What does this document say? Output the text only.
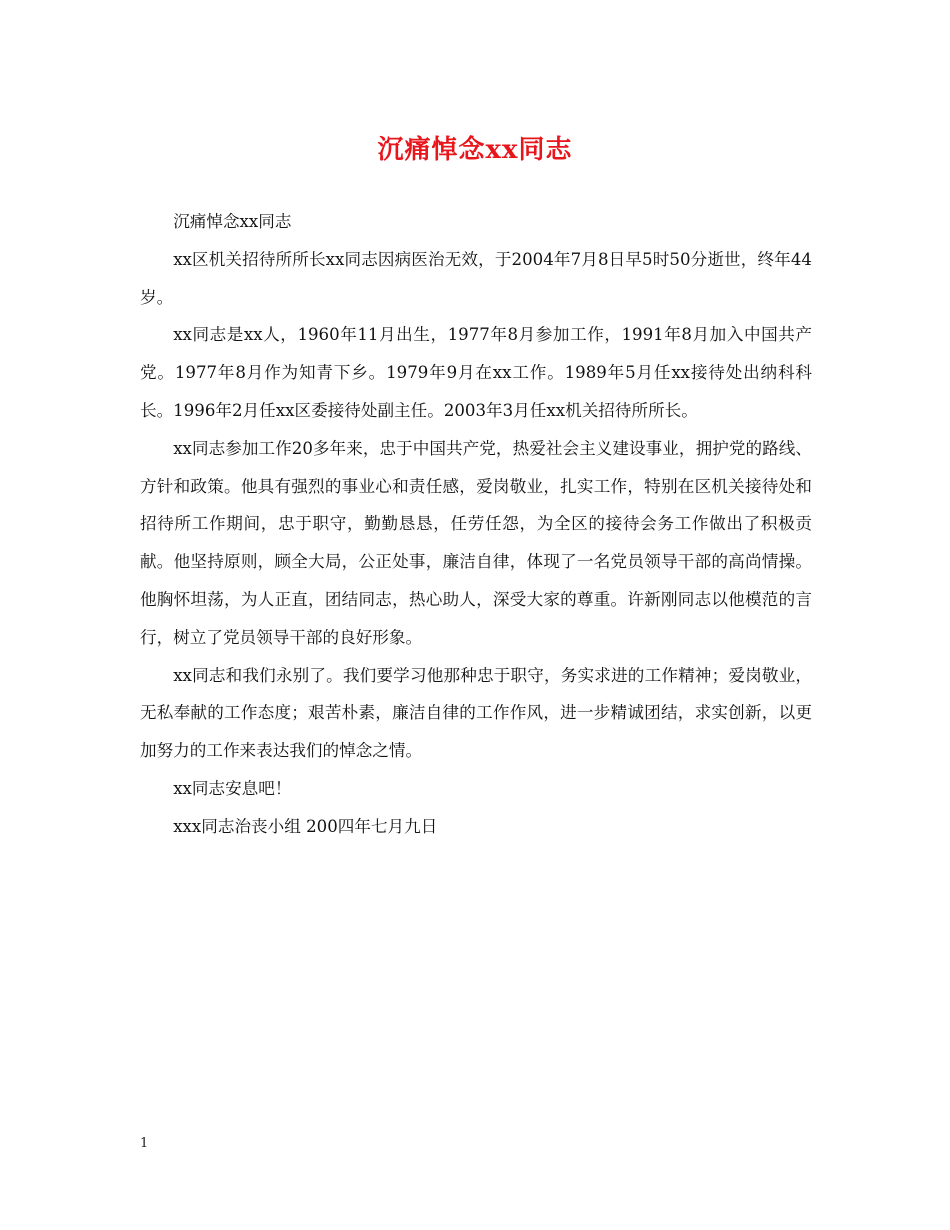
沉痛悼念xx同志

沉痛悼念xx同志

xx区机关招待所所长xx同志因病医治无效，于2004年7月8日早5时50分逝世，终年44岁。

xx同志是xx人，1960年11月出生，1977年8月参加工作，1991年8月加入中国共产党。1977年8月作为知青下乡。1979年9月在xx工作。1989年5月任xx接待处出纳科科长。1996年2月任xx区委接待处副主任。2003年3月任xx机关招待所所长。

xx同志参加工作20多年来，忠于中国共产党，热爱社会主义建设事业，拥护党的路线、方针和政策。他具有强烈的事业心和责任感，爱岗敬业，扎实工作，特别在区机关接待处和招待所工作期间，忠于职守，勤勤恳恳，任劳任怨，为全区的接待会务工作做出了积极贡献。他坚持原则，顾全大局，公正处事，廉洁自律，体现了一名党员领导干部的高尚情操。他胸怀坦荡，为人正直，团结同志，热心助人，深受大家的尊重。许新刚同志以他模范的言行，树立了党员领导干部的良好形象。

xx同志和我们永别了。我们要学习他那种忠于职守，务实求进的工作精神；爱岗敬业，无私奉献的工作态度；艰苦朴素，廉洁自律的工作作风，进一步精诚团结，求实创新，以更加努力的工作来表达我们的悼念之情。

xx同志安息吧！

xxx同志治丧小组 200四年七月九日

1
